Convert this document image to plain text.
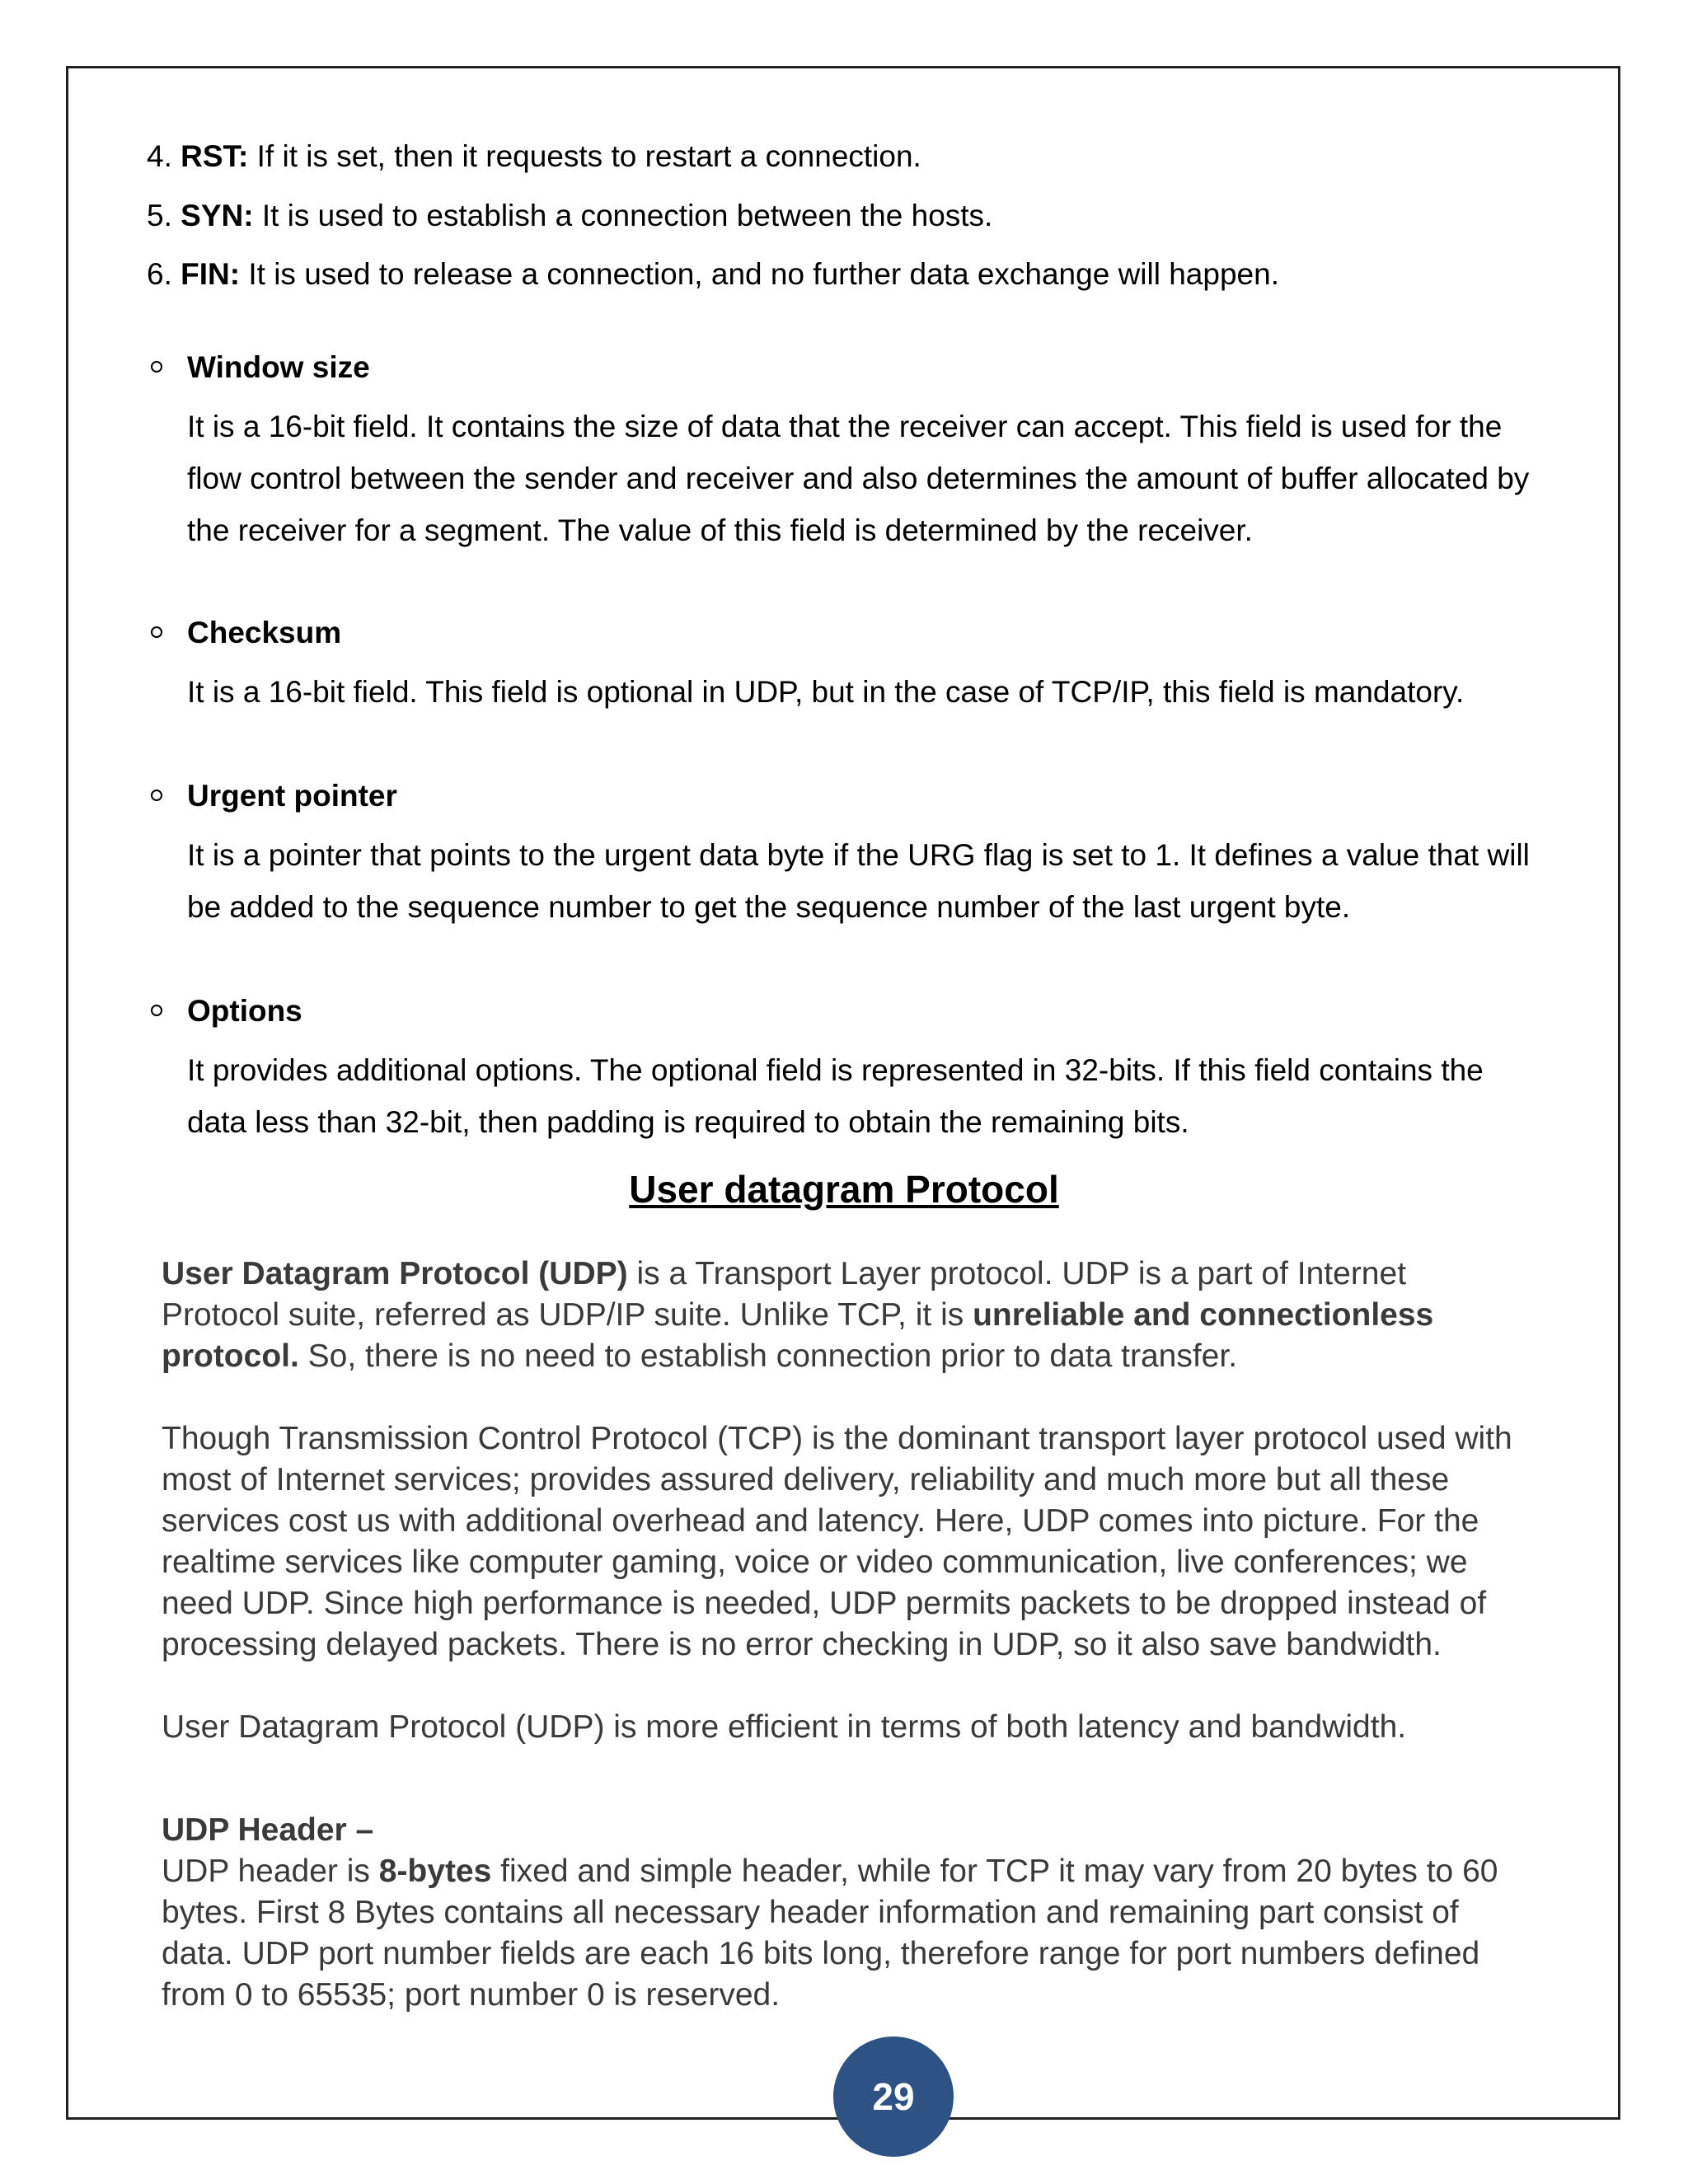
4. RST: If it is set, then it requests to restart a connection.
5. SYN: It is used to establish a connection between the hosts.
6. FIN: It is used to release a connection, and no further data exchange will happen.
Window size
It is a 16-bit field. It contains the size of data that the receiver can accept. This field is used for the flow control between the sender and receiver and also determines the amount of buffer allocated by the receiver for a segment. The value of this field is determined by the receiver.
Checksum
It is a 16-bit field. This field is optional in UDP, but in the case of TCP/IP, this field is mandatory.
Urgent pointer
It is a pointer that points to the urgent data byte if the URG flag is set to 1. It defines a value that will be added to the sequence number to get the sequence number of the last urgent byte.
Options
It provides additional options. The optional field is represented in 32-bits. If this field contains the data less than 32-bit, then padding is required to obtain the remaining bits.
User datagram Protocol
User Datagram Protocol (UDP) is a Transport Layer protocol. UDP is a part of Internet Protocol suite, referred as UDP/IP suite. Unlike TCP, it is unreliable and connectionless protocol. So, there is no need to establish connection prior to data transfer.
Though Transmission Control Protocol (TCP) is the dominant transport layer protocol used with most of Internet services; provides assured delivery, reliability and much more but all these services cost us with additional overhead and latency. Here, UDP comes into picture. For the realtime services like computer gaming, voice or video communication, live conferences; we need UDP. Since high performance is needed, UDP permits packets to be dropped instead of processing delayed packets. There is no error checking in UDP, so it also save bandwidth.
User Datagram Protocol (UDP) is more efficient in terms of both latency and bandwidth.
UDP Header –
UDP header is 8-bytes fixed and simple header, while for TCP it may vary from 20 bytes to 60 bytes. First 8 Bytes contains all necessary header information and remaining part consist of data. UDP port number fields are each 16 bits long, therefore range for port numbers defined from 0 to 65535; port number 0 is reserved.
29
